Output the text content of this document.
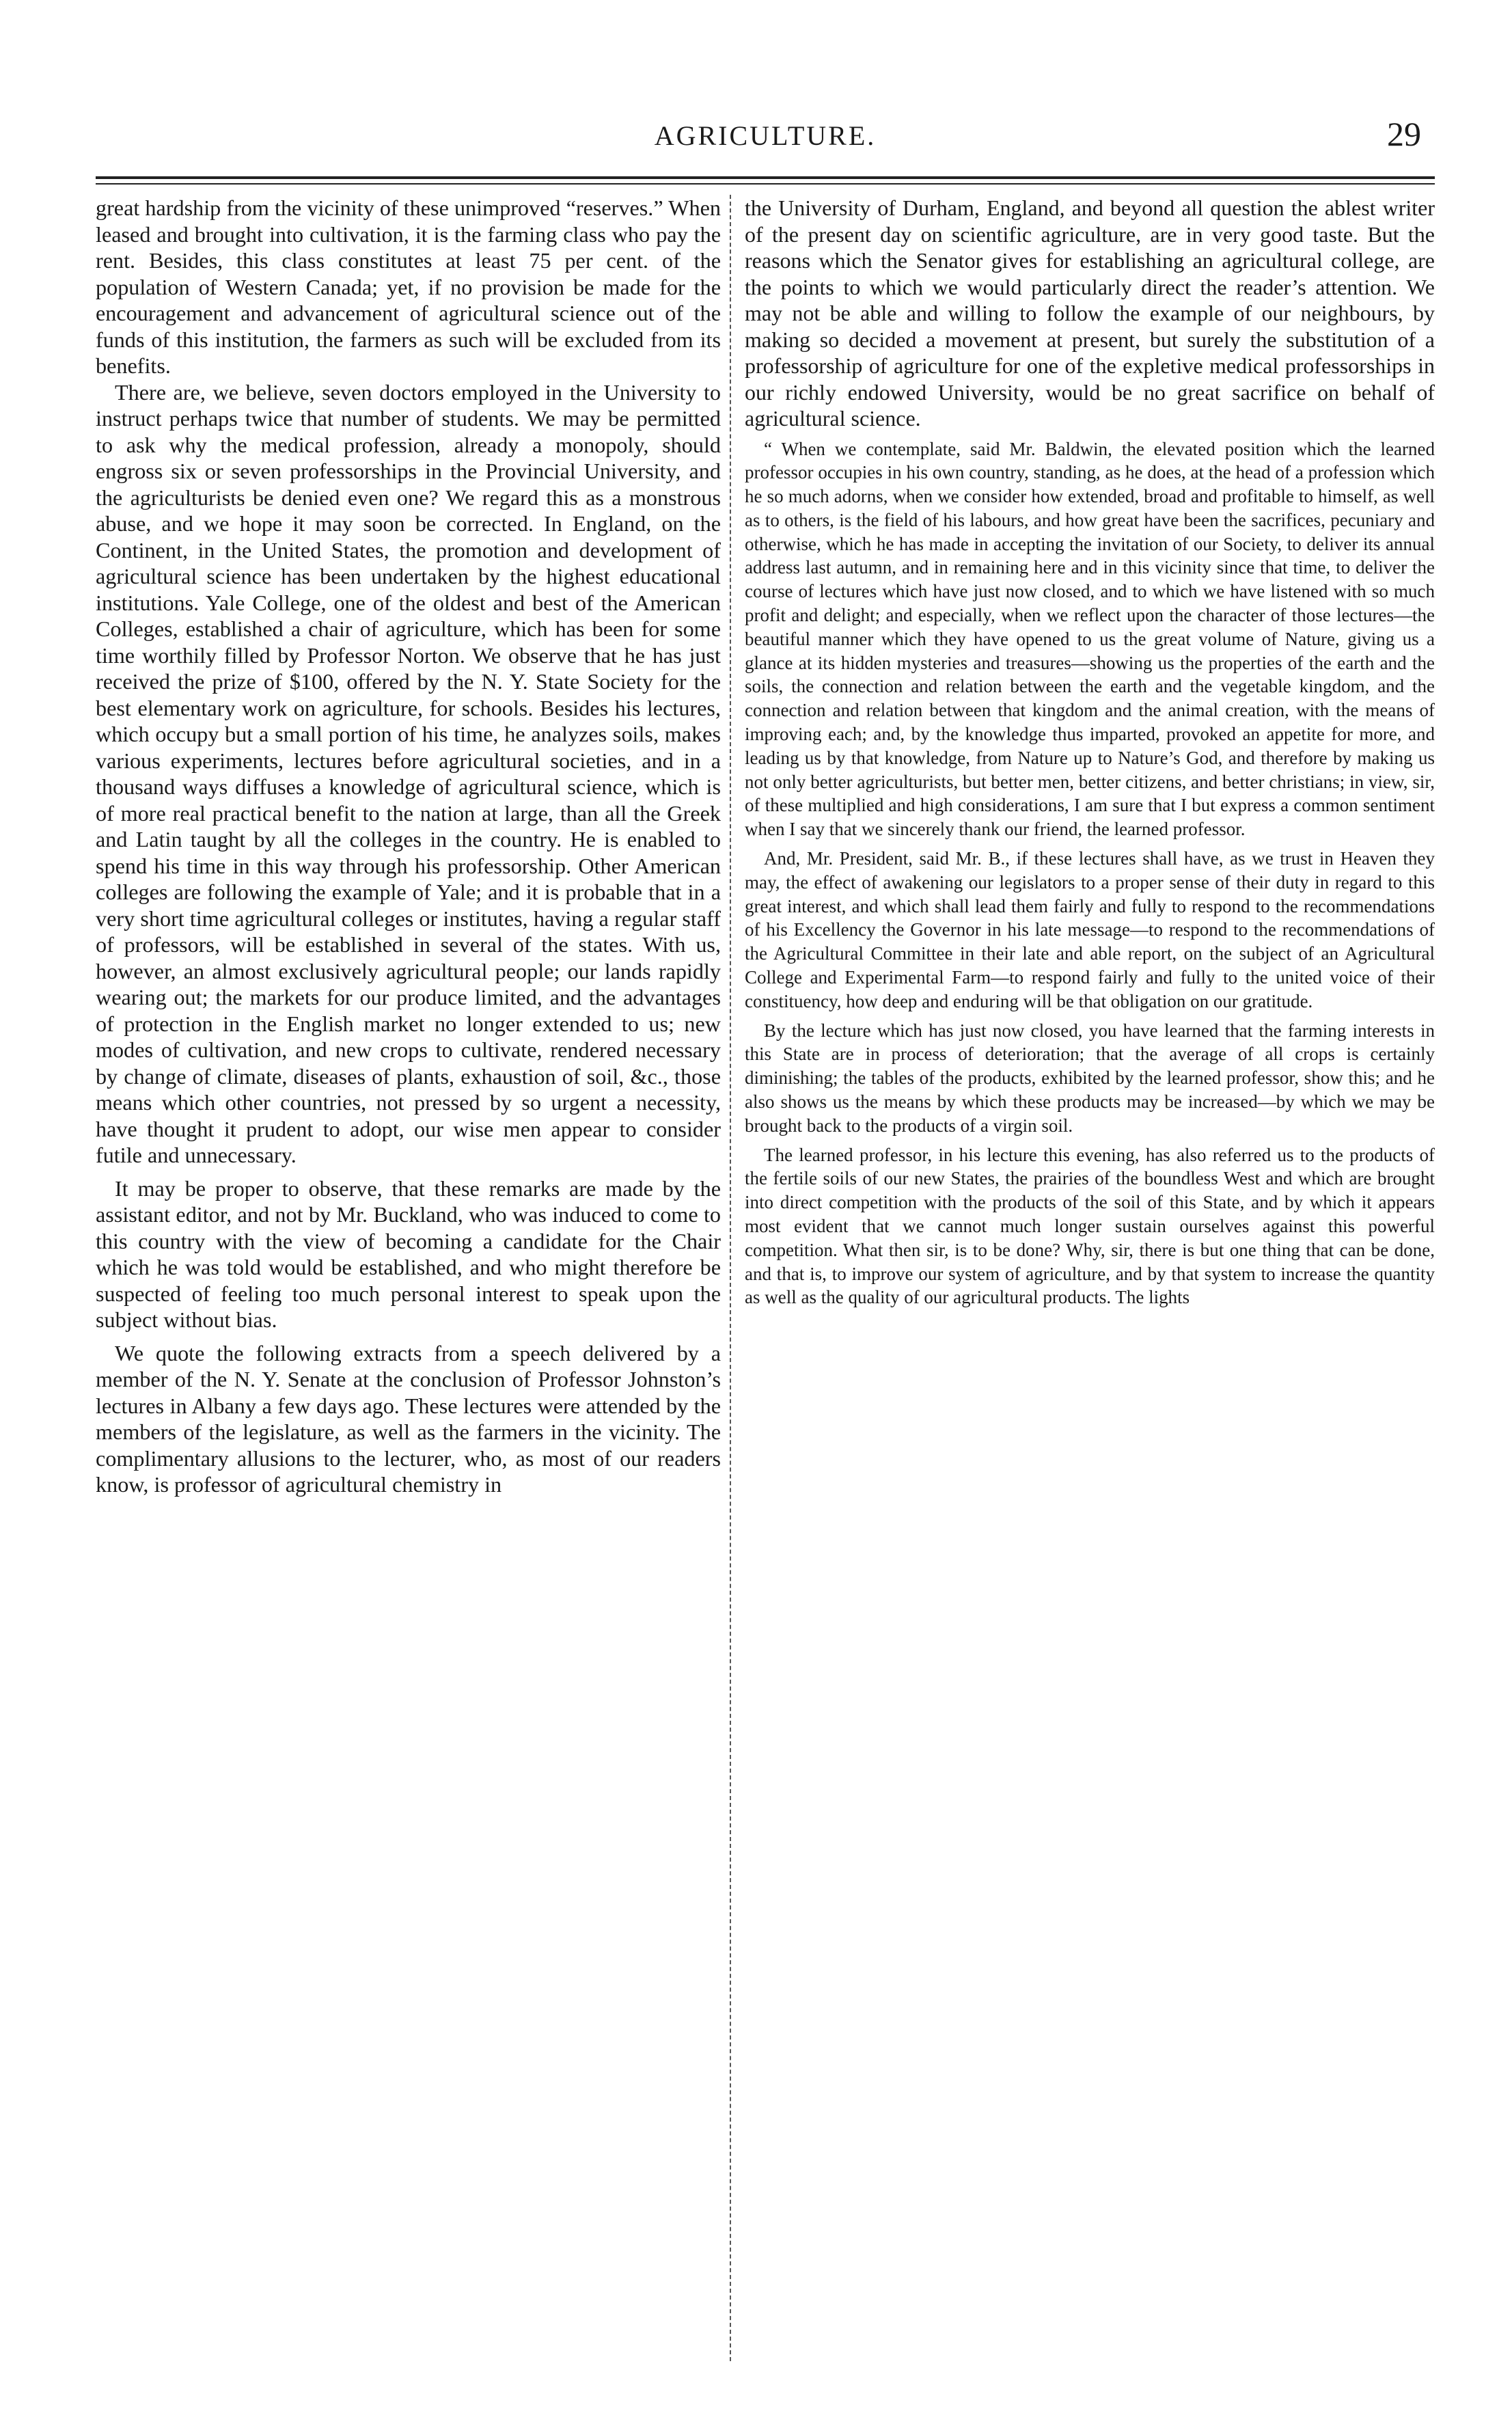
AGRICULTURE.	29

great hardship from the vicinity of these unimproved “reserves.” When leased and brought into cultivation, it is the farming class who pay the rent. Besides, this class constitutes at least 75 per cent. of the population of Western Canada; yet, if no provision be made for the encouragement and advancement of agricultural science out of the funds of this institution, the farmers as such will be excluded from its benefits.

There are, we believe, seven doctors employed in the University to instruct perhaps twice that number of students. We may be permitted to ask why the medical profession, already a monopoly, should engross six or seven professorships in the Provincial University, and the agriculturists be denied even one? We regard this as a monstrous abuse, and we hope it may soon be corrected. In England, on the Continent, in the United States, the promotion and development of agricultural science has been undertaken by the highest educational institutions. Yale College, one of the oldest and best of the American Colleges, established a chair of agriculture, which has been for some time worthily filled by Professor Norton. We observe that he has just received the prize of $100, offered by the N. Y. State Society for the best elementary work on agriculture, for schools. Besides his lectures, which occupy but a small portion of his time, he analyzes soils, makes various experiments, lectures before agricultural societies, and in a thousand ways diffuses a knowledge of agricultural science, which is of more real practical benefit to the nation at large, than all the Greek and Latin taught by all the colleges in the country. He is enabled to spend his time in this way through his professorship. Other American colleges are following the example of Yale; and it is probable that in a very short time agricultural colleges or institutes, having a regular staff of professors, will be established in several of the states. With us, however, an almost exclusively agricultural people; our lands rapidly wearing out; the markets for our produce limited, and the advantages of protection in the English market no longer extended to us; new modes of cultivation, and new crops to cultivate, rendered necessary by change of climate, diseases of plants, exhaustion of soil, &c., those means which other countries, not pressed by so urgent a necessity, have thought it prudent to adopt, our wise men appear to consider futile and unnecessary.

It may be proper to observe, that these remarks are made by the assistant editor, and not by Mr. Buckland, who was induced to come to this country with the view of becoming a candidate for the Chair which he was told would be established, and who might therefore be suspected of feeling too much personal interest to speak upon the subject without bias.

We quote the following extracts from a speech delivered by a member of the N. Y. Senate at the conclusion of Professor Johnston’s lectures in Albany a few days ago. These lectures were attended by the members of the legislature, as well as the farmers in the vicinity. The complimentary allusions to the lecturer, who, as most of our readers know, is professor of agricultural chemistry in

the University of Durham, England, and beyond all question the ablest writer of the present day on scientific agriculture, are in very good taste. But the reasons which the Senator gives for establishing an agricultural college, are the points to which we would particularly direct the reader’s attention. We may not be able and willing to follow the example of our neighbours, by making so decided a movement at present, but surely the substitution of a professorship of agriculture for one of the expletive medical professorships in our richly endowed University, would be no great sacrifice on behalf of agricultural science.

“ When we contemplate, said Mr. Baldwin, the elevated position which the learned professor occupies in his own country, standing, as he does, at the head of a profession which he so much adorns, when we consider how extended, broad and profitable to himself, as well as to others, is the field of his labours, and how great have been the sacrifices, pecuniary and otherwise, which he has made in accepting the invitation of our Society, to deliver its annual address last autumn, and in remaining here and in this vicinity since that time, to deliver the course of lectures which have just now closed, and to which we have listened with so much profit and delight; and especially, when we reflect upon the character of those lectures—the beautiful manner which they have opened to us the great volume of Nature, giving us a glance at its hidden mysteries and treasures—showing us the properties of the earth and the soils, the connection and relation between the earth and the vegetable kingdom, and the connection and relation between that kingdom and the animal creation, with the means of improving each; and, by the knowledge thus imparted, provoked an appetite for more, and leading us by that knowledge, from Nature up to Nature’s God, and therefore by making us not only better agriculturists, but better men, better citizens, and better christians; in view, sir, of these multiplied and high considerations, I am sure that I but express a common sentiment when I say that we sincerely thank our friend, the learned professor.

And, Mr. President, said Mr. B., if these lectures shall have, as we trust in Heaven they may, the effect of awakening our legislators to a proper sense of their duty in regard to this great interest, and which shall lead them fairly and fully to respond to the recommendations of his Excellency the Governor in his late message—to respond to the recommendations of the Agricultural Committee in their late and able report, on the subject of an Agricultural College and Experimental Farm—to respond fairly and fully to the united voice of their constituency, how deep and enduring will be that obligation on our gratitude.

By the lecture which has just now closed, you have learned that the farming interests in this State are in process of deterioration; that the average of all crops is certainly diminishing; the tables of the products, exhibited by the learned professor, show this; and he also shows us the means by which these products may be increased—by which we may be brought back to the products of a virgin soil.

The learned professor, in his lecture this evening, has also referred us to the products of the fertile soils of our new States, the prairies of the boundless West and which are brought into direct competition with the products of the soil of this State, and by which it appears most evident that we cannot much longer sustain ourselves against this powerful competition. What then sir, is to be done? Why, sir, there is but one thing that can be done, and that is, to improve our system of agriculture, and by that system to increase the quantity as well as the quality of our agricultural products. The lights
